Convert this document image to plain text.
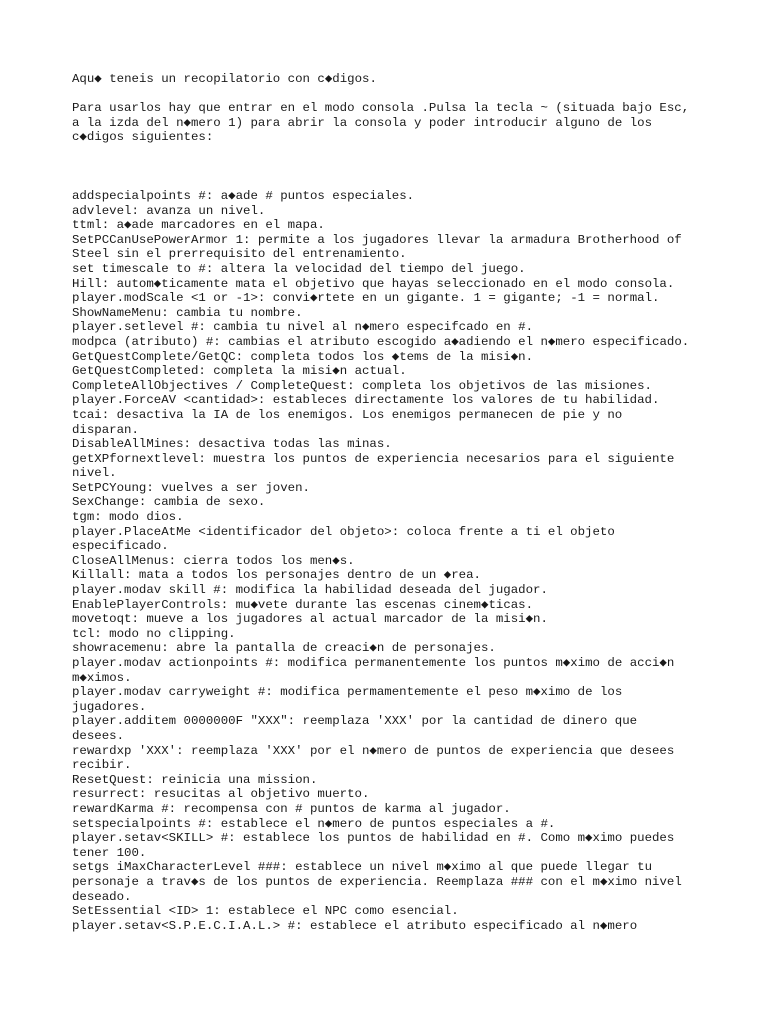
Aqu◆ teneis un recopilatorio con c◆digos.
Para usarlos hay que entrar en el modo consola .Pulsa la tecla ~ (situada bajo Esc,
a la izda del n◆mero 1) para abrir la consola y poder introducir alguno de los
c◆digos siguientes:
addspecialpoints #: a◆ade # puntos especiales.
advlevel: avanza un nivel.
ttml: a◆ade marcadores en el mapa.
SetPCCanUsePowerArmor 1: permite a los jugadores llevar la armadura Brotherhood of
Steel sin el prerrequisito del entrenamiento.
set timescale to #: altera la velocidad del tiempo del juego.
Hill: autom◆ticamente mata el objetivo que hayas seleccionado en el modo consola.
player.modScale <1 or -1>: convi◆rtete en un gigante. 1 = gigante; -1 = normal.
ShowNameMenu: cambia tu nombre.
player.setlevel #: cambia tu nivel al n◆mero especifcado en #.
modpca (atributo) #: cambias el atributo escogido a◆adiendo el n◆mero especificado.
GetQuestComplete/GetQC: completa todos los ◆tems de la misi◆n.
GetQuestCompleted: completa la misi◆n actual.
CompleteAllObjectives / CompleteQuest: completa los objetivos de las misiones.
player.ForceAV <cantidad>: estableces directamente los valores de tu habilidad.
tcai: desactiva la IA de los enemigos. Los enemigos permanecen de pie y no
disparan.
DisableAllMines: desactiva todas las minas.
getXPfornextlevel: muestra los puntos de experiencia necesarios para el siguiente
nivel.
SetPCYoung: vuelves a ser joven.
SexChange: cambia de sexo.
tgm: modo dios.
player.PlaceAtMe <identificador del objeto>: coloca frente a ti el objeto
especificado.
CloseAllMenus: cierra todos los men◆s.
Killall: mata a todos los personajes dentro de un ◆rea.
player.modav skill #: modifica la habilidad deseada del jugador.
EnablePlayerControls: mu◆vete durante las escenas cinem◆ticas.
movetoqt: mueve a los jugadores al actual marcador de la misi◆n.
tcl: modo no clipping.
showracemenu: abre la pantalla de creaci◆n de personajes.
player.modav actionpoints #: modifica permanentemente los puntos m◆ximo de acci◆n
m◆ximos.
player.modav carryweight #: modifica permamentemente el peso m◆ximo de los
jugadores.
player.additem 0000000F "XXX": reemplaza 'XXX' por la cantidad de dinero que
desees.
rewardxp 'XXX': reemplaza 'XXX' por el n◆mero de puntos de experiencia que desees
recibir.
ResetQuest: reinicia una mission.
resurrect: resucitas al objetivo muerto.
rewardKarma #: recompensa con # puntos de karma al jugador.
setspecialpoints #: establece el n◆mero de puntos especiales a #.
player.setav<SKILL> #: establece los puntos de habilidad en #. Como m◆ximo puedes
tener 100.
setgs iMaxCharacterLevel ###: establece un nivel m◆ximo al que puede llegar tu
personaje a trav◆s de los puntos de experiencia. Reemplaza ### con el m◆ximo nivel
deseado.
SetEssential <ID> 1: establece el NPC como esencial.
player.setav<S.P.E.C.I.A.L.> #: establece el atributo especificado al n◆mero
